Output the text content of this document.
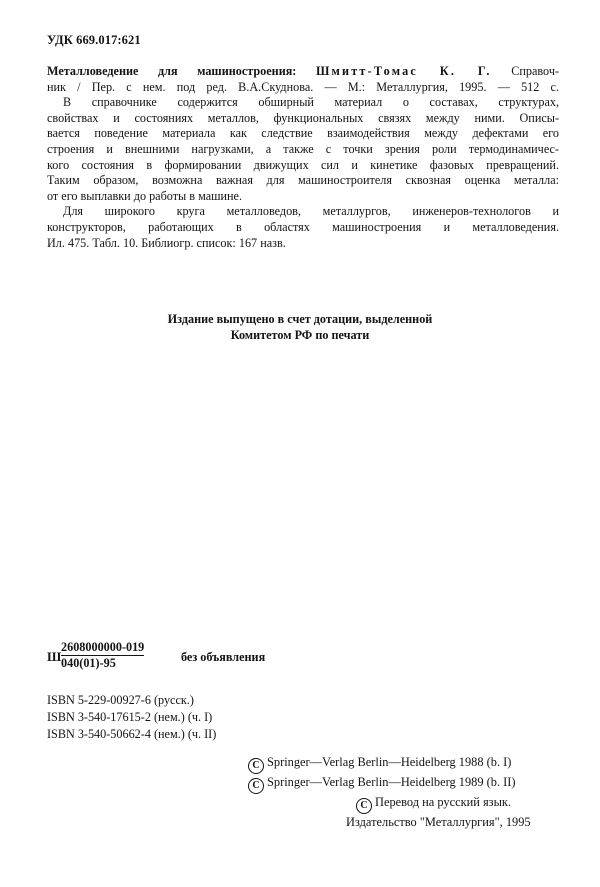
УДК 669.017:621
Металловедение для машиностроения: Шмитт-Томас К. Г. Справоч-
ник / Пер. с нем. под ред. В.А.Скуднова. — М.: Металлургия, 1995. — 512 с.
В справочнике содержится обширный материал о составах, структурах,
свойствах и состояниях металлов, функциональных связях между ними. Описы-
вается поведение материала как следствие взаимодействия между дефектами его
строения и внешними нагрузками, а также с точки зрения роли термодинамичес-
кого состояния в формировании движущих сил и кинетике фазовых превращений.
Таким образом, возможна важная для машиностроителя сквозная оценка металла:
от его выплавки до работы в машине.
Для широкого круга металловедов, металлургов, инженеров-технологов и
конструкторов, работающих в областях машиностроения и металловедения.
Ил. 475. Табл. 10. Библиогр. список: 167 назв.
Издание выпущено в счет дотации, выделенной
Комитетом РФ по печати
Ш $\frac{2608000000-019}{040(01)-95}$	без объявления
ISBN 5-229-00927-6 (русск.)
ISBN 3-540-17615-2 (нем.) (ч. I)
ISBN 3-540-50662-4 (нем.) (ч. II)
C Springer—Verlag Berlin—Heidelberg 1988 (b. I)
C Springer—Verlag Berlin—Heidelberg 1989 (b. II)
C Перевод на русский язык.
Издательство "Металлургия", 1995
